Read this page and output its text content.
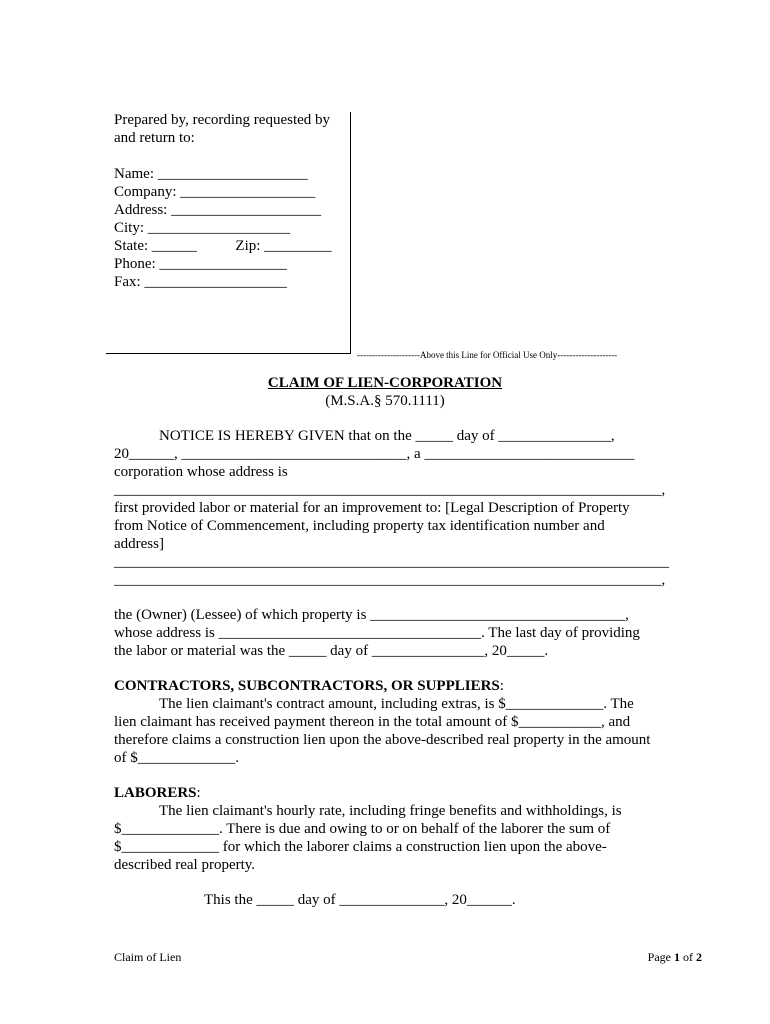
Prepared by, recording requested by
and return to:
Name: ____________________
Company: __________________
Address: ____________________
City: ___________________
State: ______	Zip: _________
Phone: _________________
Fax: ___________________
---------------------Above this Line for Official Use Only--------------------
CLAIM OF LIEN-CORPORATION
(M.S.A.§ 570.1111)
NOTICE IS HEREBY GIVEN that on the _____ day of _______________,
20______, ______________________________, a ____________________________
corporation whose address is
_________________________________________________________________________,
first provided labor or material for an improvement to: [Legal Description of Property
from Notice of Commencement, including property tax identification number and
address]
__________________________________________________________________________
_________________________________________________________________________,
the (Owner) (Lessee) of which property is __________________________________,
whose address is ___________________________________. The last day of providing
the labor or material was the _____ day of _______________, 20_____.
CONTRACTORS, SUBCONTRACTORS, OR SUPPLIERS:
The lien claimant's contract amount, including extras, is $_____________. The
lien claimant has received payment thereon in the total amount of $___________, and
therefore claims a construction lien upon the above-described real property in the amount
of $_____________.
LABORERS:
The lien claimant's hourly rate, including fringe benefits and withholdings, is
$_____________. There is due and owing to or on behalf of the laborer the sum of
$_____________ for which the laborer claims a construction lien upon the above-
described real property.
This the _____ day of ______________, 20______.
Claim of Lien	Page 1 of 2
